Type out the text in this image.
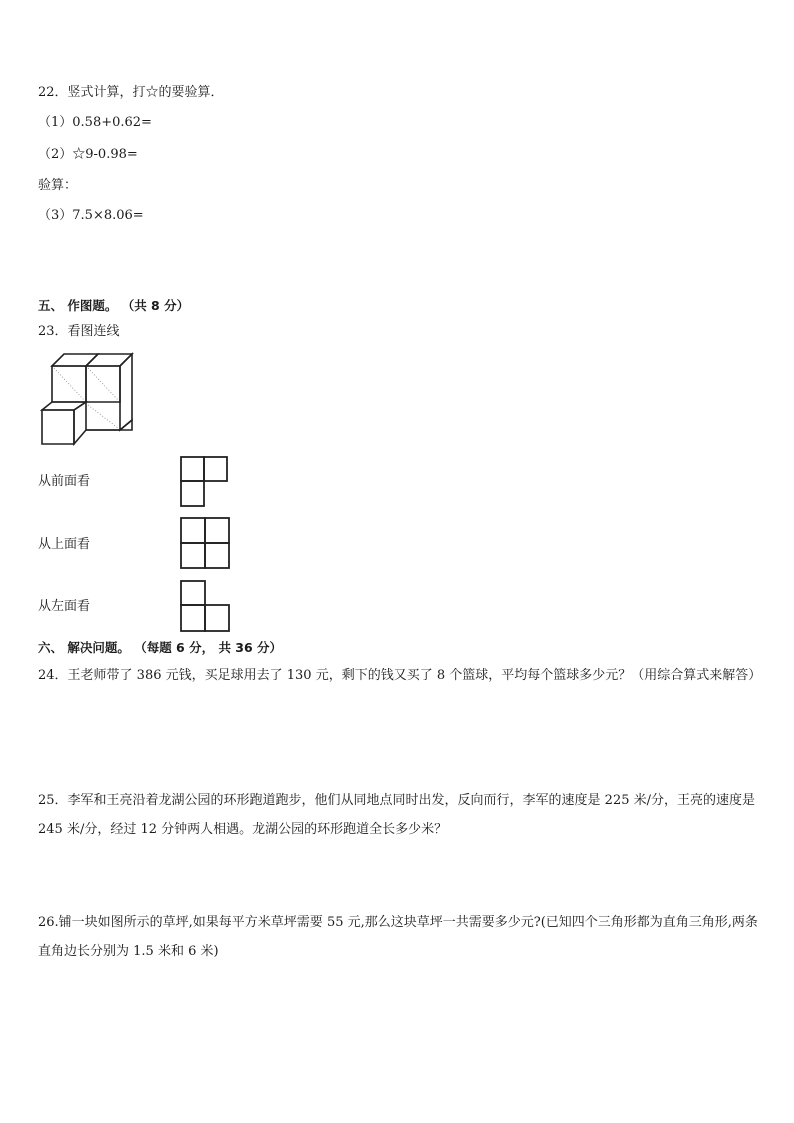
22．竖式计算，打☆的要验算．
（1）0.58+0.62=
（2）☆9-0.98=
验算：
（3）7.5×8.06=
五、 作图题。 （共 8 分）
23．看图连线
从前面看
从上面看
从左面看
六、 解决问题。 （每题 6 分， 共 36 分）
24．王老师带了 386 元钱，买足球用去了 130 元，剩下的钱又买了 8 个篮球，平均每个篮球多少元？（用综合算式来解答）
25．李军和王亮沿着龙湖公园的环形跑道跑步，他们从同地点同时出发，反向而行，李军的速度是 225 米/分，王亮的速度是 245 米/分，经过 12 分钟两人相遇。龙湖公园的环形跑道全长多少米？
26.铺一块如图所示的草坪,如果每平方米草坪需要 55 元,那么这块草坪一共需要多少元?(已知四个三角形都为直角三角形,两条直角边长分别为 1.5 米和 6 米)
